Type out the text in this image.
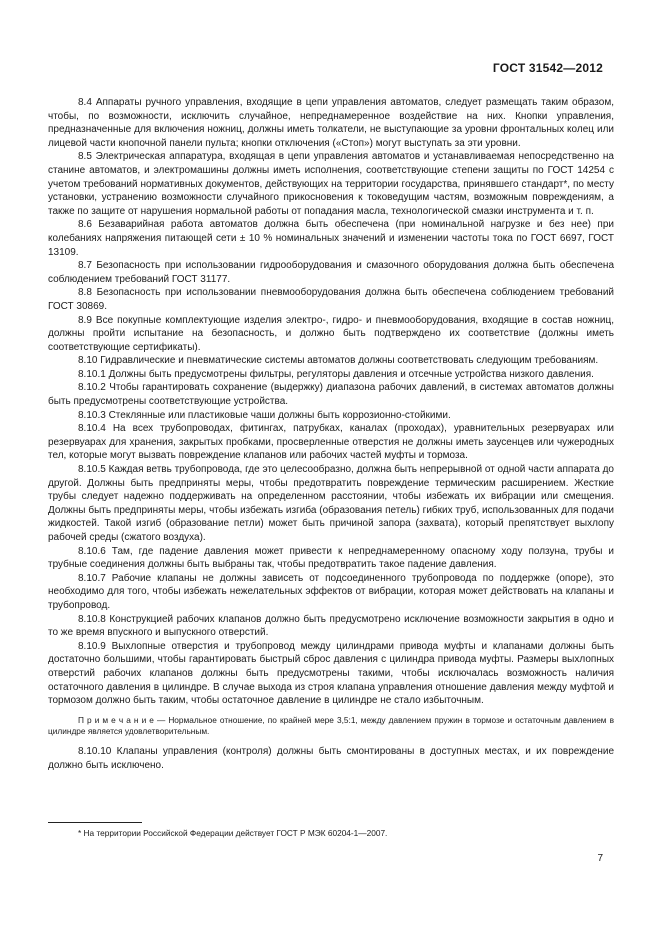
ГОСТ 31542—2012

8.4 Аппараты ручного управления, входящие в цепи управления автоматов, следует размещать таким образом, чтобы, по возможности, исключить случайное, непреднамеренное воздействие на них. Кнопки управления, предназначенные для включения ножниц, должны иметь толкатели, не выступающие за уровни фронтальных колец или лицевой части кнопочной панели пульта; кнопки отключения («Стоп») могут выступать за эти уровни.

8.5 Электрическая аппаратура, входящая в цепи управления автоматов и устанавливаемая непосредственно на станине автоматов, и электромашины должны иметь исполнения, соответствующие степени защиты по ГОСТ 14254 с учетом требований нормативных документов, действующих на территории государства, принявшего стандарт*, по месту установки, устранению возможности случайного прикосновения к токоведущим частям, возможным повреждениям, а также по защите от нарушения нормальной работы от попадания масла, технологической смазки инструмента и т. п.

8.6 Безаварийная работа автоматов должна быть обеспечена (при номинальной нагрузке и без нее) при колебаниях напряжения питающей сети ± 10 % номинальных значений и изменении частоты тока по ГОСТ 6697, ГОСТ 13109.

8.7 Безопасность при использовании гидрооборудования и смазочного оборудования должна быть обеспечена соблюдением требований ГОСТ 31177.

8.8 Безопасность при использовании пневмооборудования должна быть обеспечена соблюдением требований ГОСТ 30869.

8.9 Все покупные комплектующие изделия электро-, гидро- и пневмооборудования, входящие в состав ножниц, должны пройти испытание на безопасность, и должно быть подтверждено их соответствие (должны иметь соответствующие сертификаты).

8.10 Гидравлические и пневматические системы автоматов должны соответствовать следующим требованиям.

8.10.1 Должны быть предусмотрены фильтры, регуляторы давления и отсечные устройства низкого давления.

8.10.2 Чтобы гарантировать сохранение (выдержку) диапазона рабочих давлений, в системах автоматов должны быть предусмотрены соответствующие устройства.

8.10.3 Стеклянные или пластиковые чаши должны быть коррозионно-стойкими.

8.10.4 На всех трубопроводах, фитингах, патрубках, каналах (проходах), уравнительных резервуарах или резервуарах для хранения, закрытых пробками, просверленные отверстия не должны иметь заусенцев или чужеродных тел, которые могут вызвать повреждение клапанов или рабочих частей муфты и тормоза.

8.10.5 Каждая ветвь трубопровода, где это целесообразно, должна быть непрерывной от одной части аппарата до другой. Должны быть предприняты меры, чтобы предотвратить повреждение термическим расширением. Жесткие трубы следует надежно поддерживать на определенном расстоянии, чтобы избежать их вибрации или смещения. Должны быть предприняты меры, чтобы избежать изгиба (образования петель) гибких труб, использованных для подачи жидкостей. Такой изгиб (образование петли) может быть причиной запора (захвата), который препятствует выхлопу рабочей среды (сжатого воздуха).

8.10.6 Там, где падение давления может привести к непреднамеренному опасному ходу ползуна, трубы и трубные соединения должны быть выбраны так, чтобы предотвратить такое падение давления.

8.10.7 Рабочие клапаны не должны зависеть от подсоединенного трубопровода по поддержке (опоре), это необходимо для того, чтобы избежать нежелательных эффектов от вибрации, которая может действовать на клапаны и трубопровод.

8.10.8 Конструкцией рабочих клапанов должно быть предусмотрено исключение возможности закрытия в одно и то же время впускного и выпускного отверстий.

8.10.9 Выхлопные отверстия и трубопровод между цилиндрами привода муфты и клапанами должны быть достаточно большими, чтобы гарантировать быстрый сброс давления с цилиндра привода муфты. Размеры выхлопных отверстий рабочих клапанов должны быть предусмотрены такими, чтобы исключалась возможность наличия остаточного давления в цилиндре. В случае выхода из строя клапана управления отношение давления между муфтой и тормозом должно быть таким, чтобы остаточное давление в цилиндре не стало избыточным.

П р и м е ч а н и е — Нормальное отношение, по крайней мере 3,5:1, между давлением пружин в тормозе и остаточным давлением в цилиндре является удовлетворительным.

8.10.10 Клапаны управления (контроля) должны быть смонтированы в доступных местах, и их повреждение должно быть исключено.

* На территории Российской Федерации действует ГОСТ Р МЭК 60204-1—2007.
7
